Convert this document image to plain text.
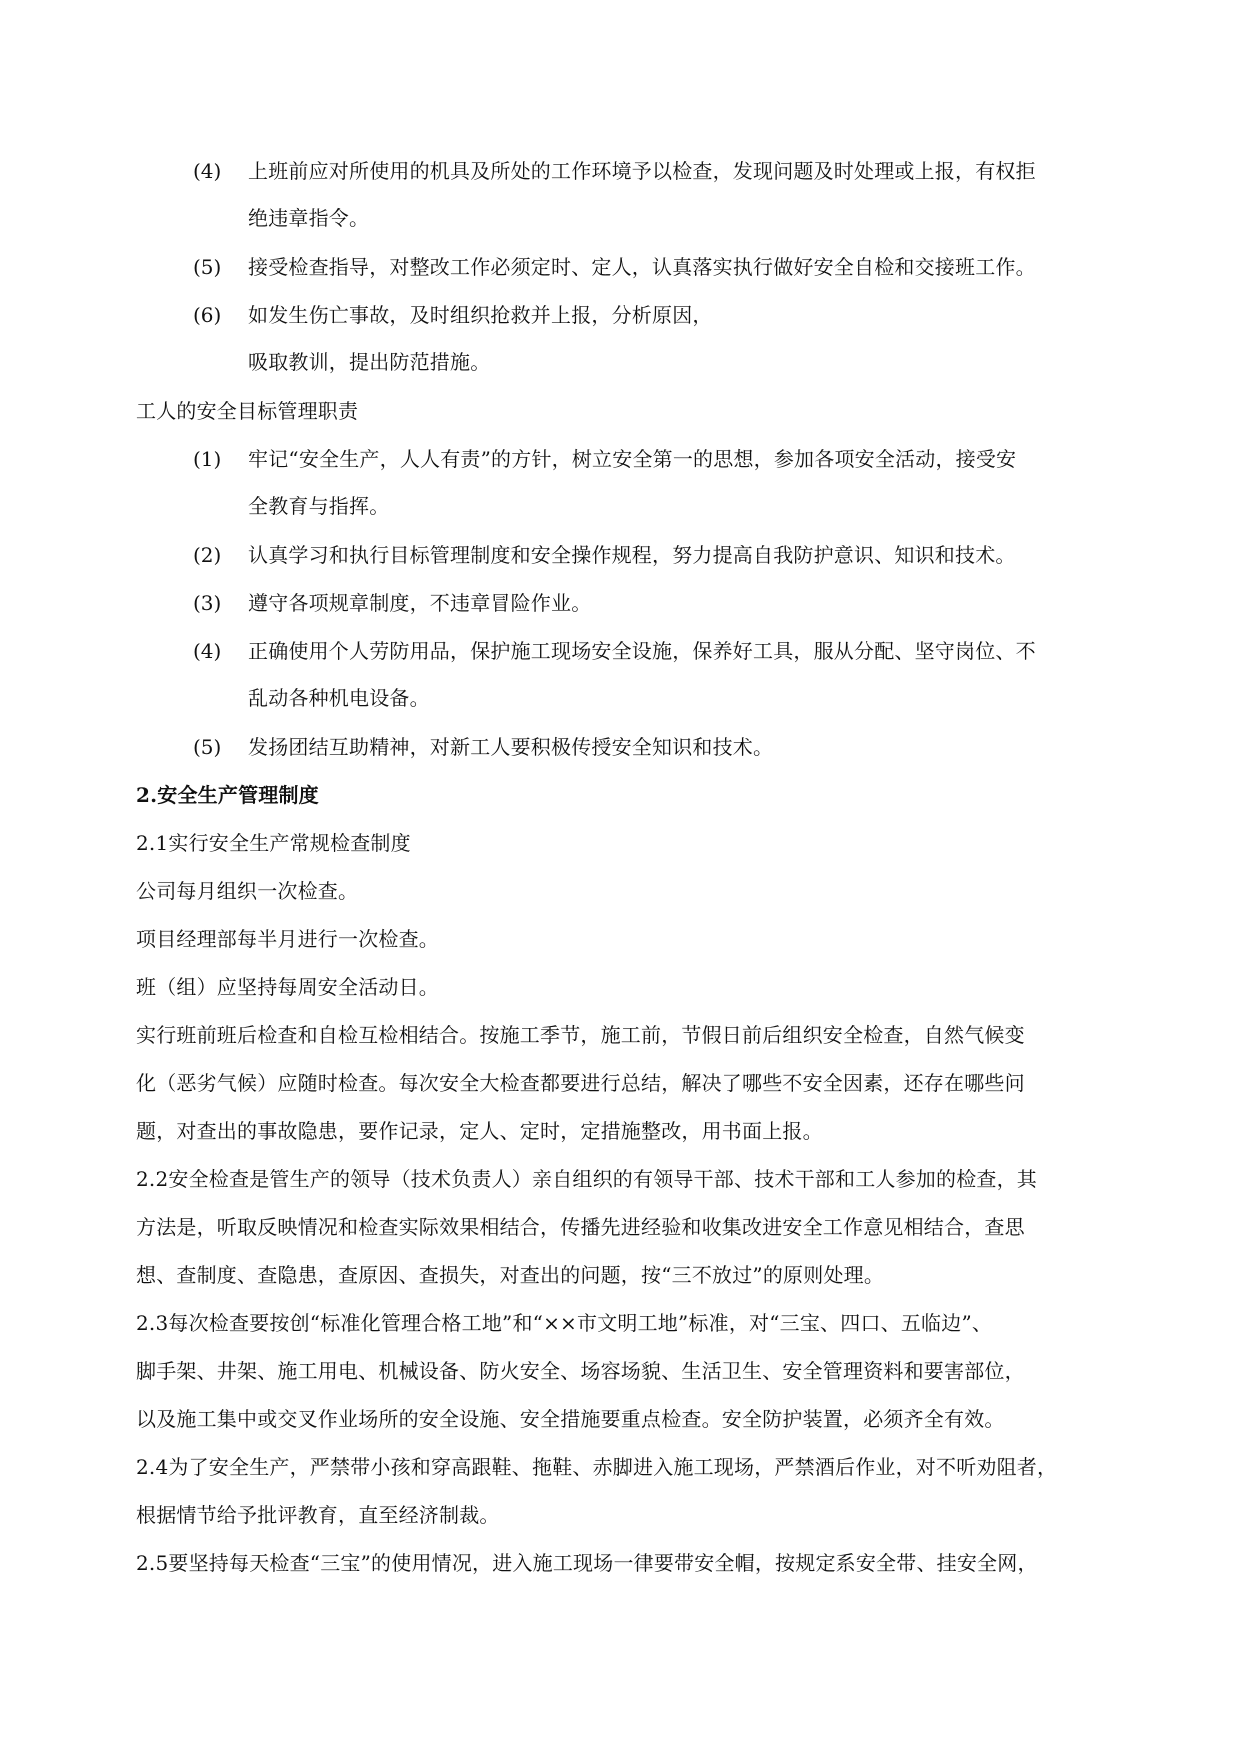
(4) 上班前应对所使用的机具及所处的工作环境予以检查，发现问题及时处理或上报，有权拒
绝违章指令。
(5) 接受检查指导，对整改工作必须定时、定人，认真落实执行做好安全自检和交接班工作。
(6) 如发生伤亡事故，及时组织抢救并上报，分析原因，
吸取教训，提出防范措施。
工人的安全目标管理职责
(1) 牢记“安全生产，人人有责”的方针，树立安全第一的思想，参加各项安全活动，接受安
全教育与指挥。
(2) 认真学习和执行目标管理制度和安全操作规程，努力提高自我防护意识、知识和技术。
(3) 遵守各项规章制度，不违章冒险作业。
(4) 正确使用个人劳防用品，保护施工现场安全设施，保养好工具，服从分配、坚守岗位、不
乱动各种机电设备。
(5) 发扬团结互助精神，对新工人要积极传授安全知识和技术。
2.安全生产管理制度
2.1实行安全生产常规检查制度
公司每月组织一次检查。
项目经理部每半月进行一次检查。
班（组）应坚持每周安全活动日。
实行班前班后检查和自检互检相结合。按施工季节，施工前，节假日前后组织安全检查，自然气候变
化（恶劣气候）应随时检查。每次安全大检查都要进行总结，解决了哪些不安全因素，还存在哪些问
题，对查出的事故隐患，要作记录，定人、定时，定措施整改，用书面上报。
2.2安全检查是管生产的领导（技术负责人）亲自组织的有领导干部、技术干部和工人参加的检查，其
方法是，听取反映情况和检查实际效果相结合，传播先进经验和收集改进安全工作意见相结合，查思
想、查制度、查隐患，查原因、查损失，对查出的问题，按“三不放过”的原则处理。
2.3每次检查要按创“标准化管理合格工地”和“××市文明工地”标准，对“三宝、四口、五临边”、
脚手架、井架、施工用电、机械设备、防火安全、场容场貌、生活卫生、安全管理资料和要害部位，
以及施工集中或交叉作业场所的安全设施、安全措施要重点检查。安全防护装置，必须齐全有效。
2.4为了安全生产，严禁带小孩和穿高跟鞋、拖鞋、赤脚进入施工现场，严禁酒后作业，对不听劝阻者，
根据情节给予批评教育，直至经济制裁。
2.5要坚持每天检查“三宝”的使用情况，进入施工现场一律要带安全帽，按规定系安全带、挂安全网，
